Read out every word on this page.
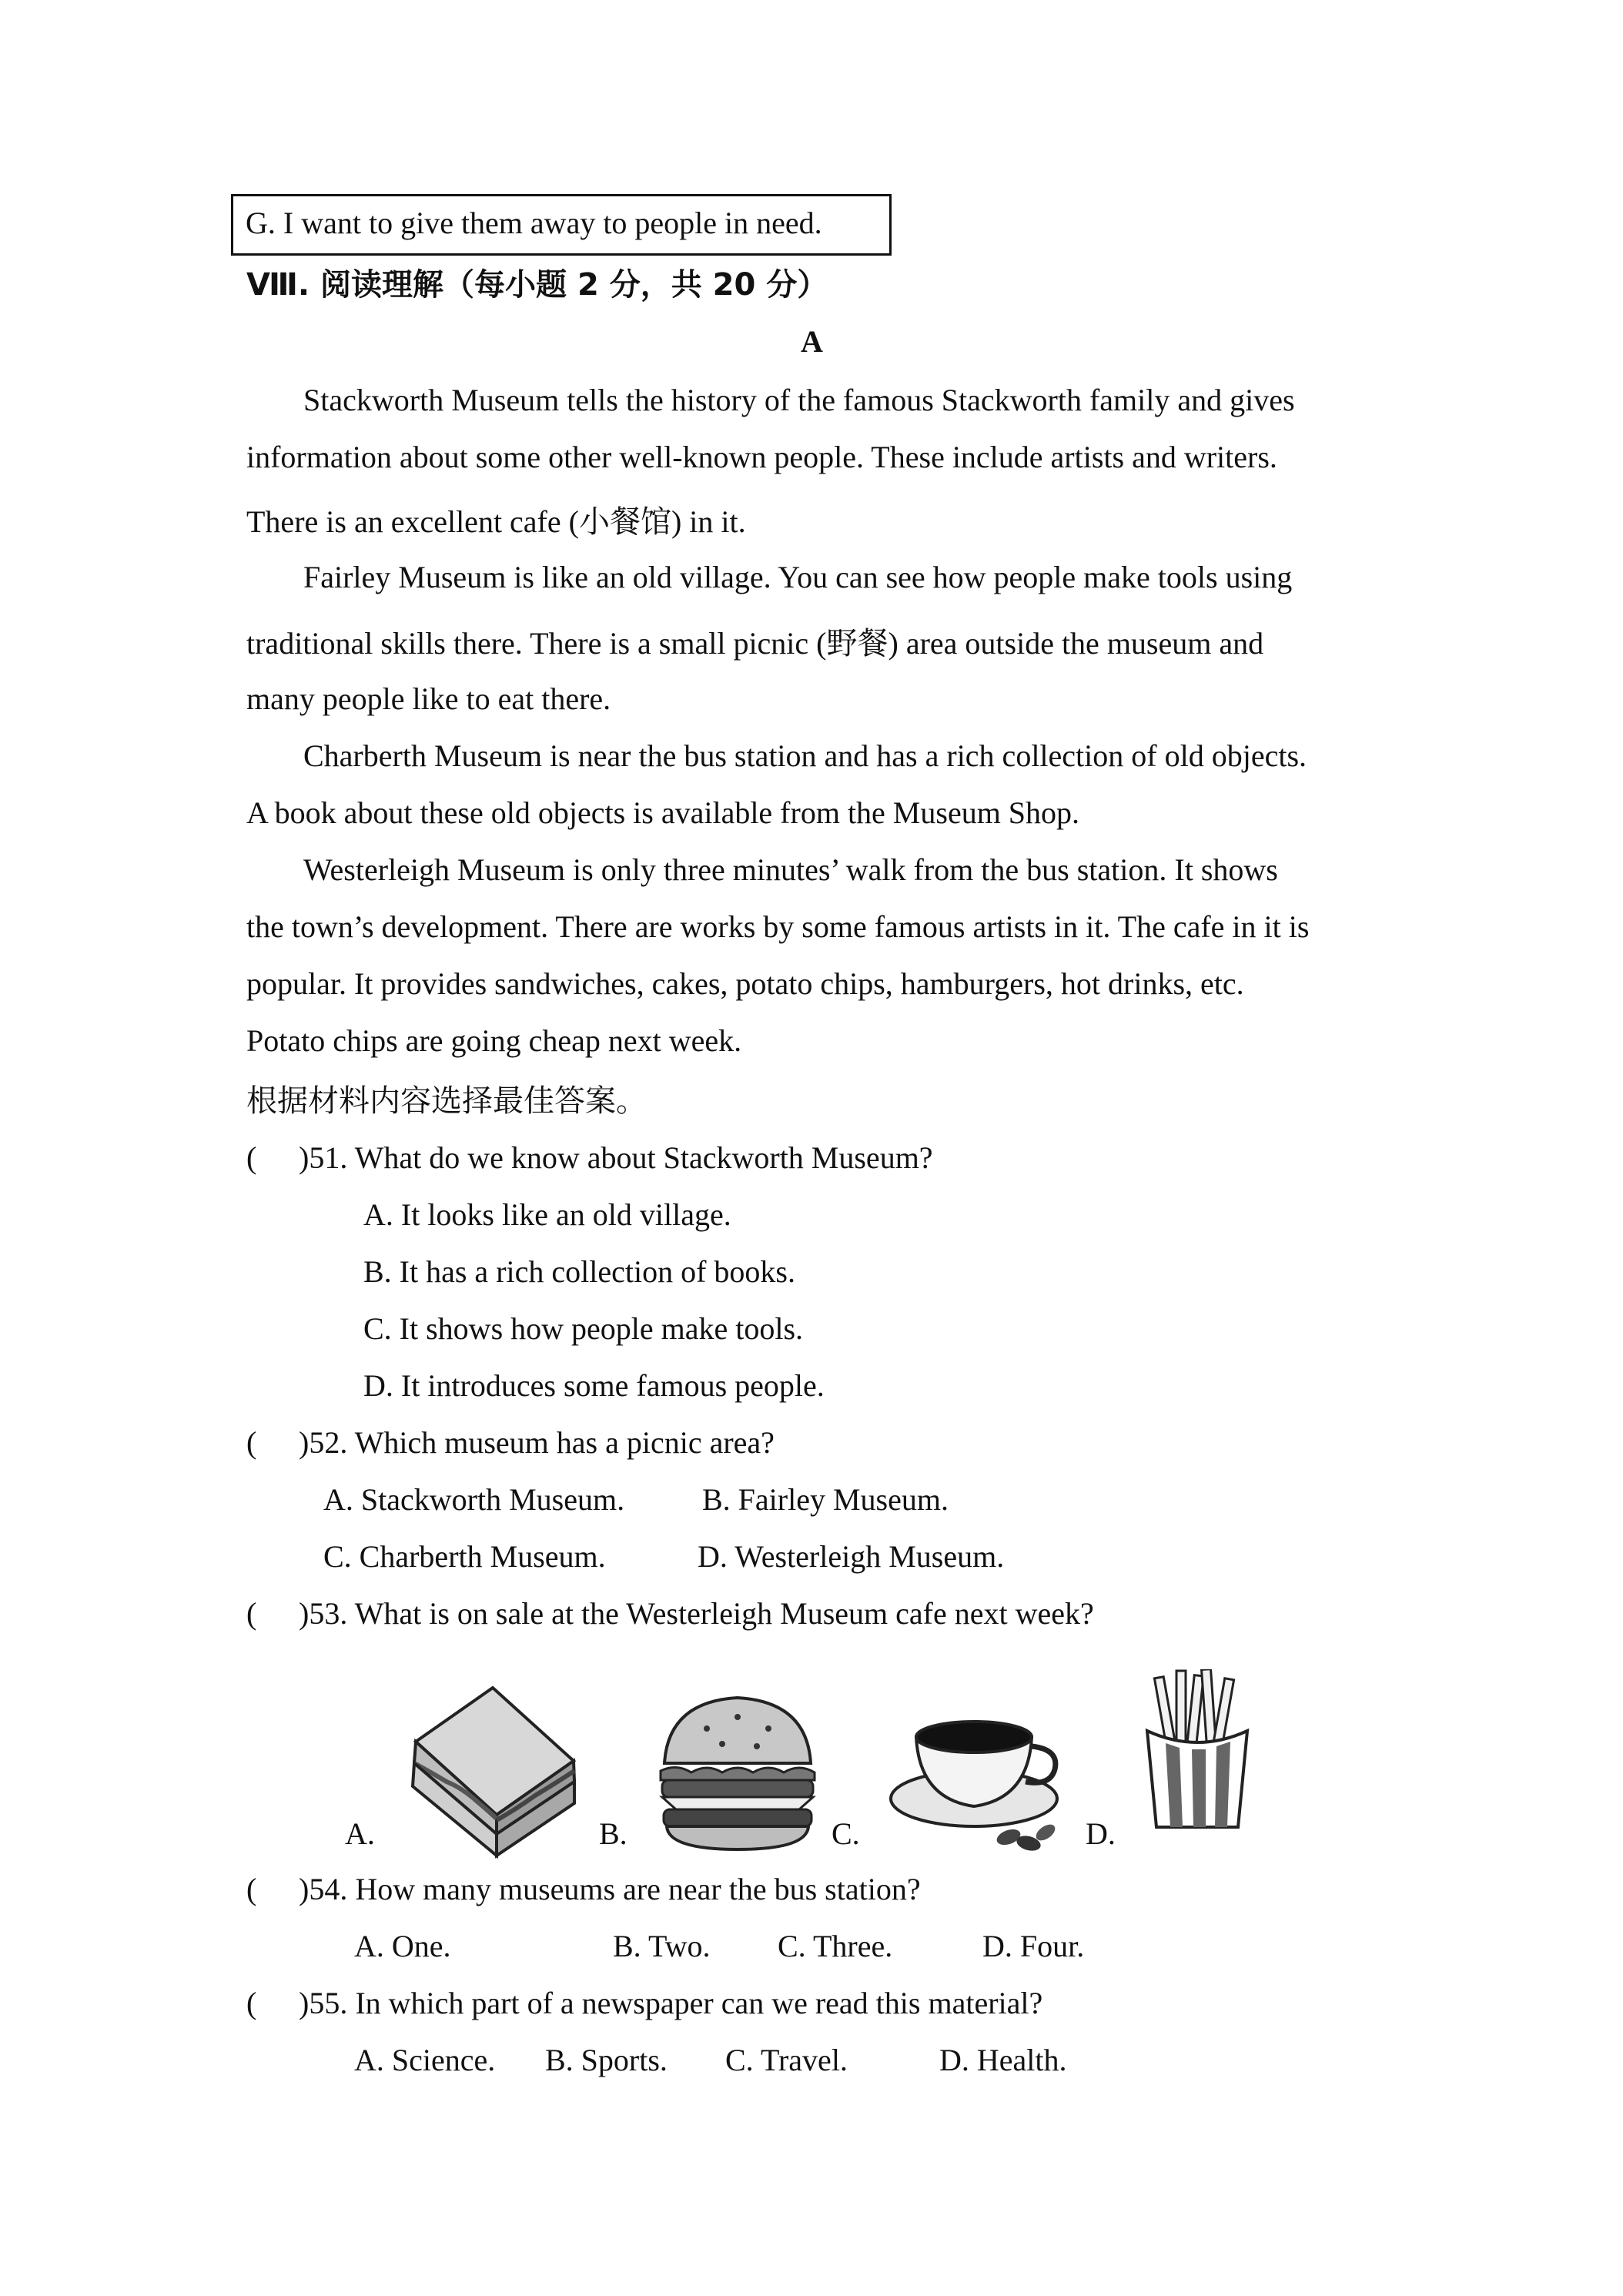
G. I want to give them away to people in need.
Ⅷ. 阅读理解（每小题 2 分，共 20 分）
A
Stackworth Museum tells the history of the famous Stackworth family and gives
information about some other well-known people. These include artists and writers.
There is an excellent cafe (小餐馆) in it.
Fairley Museum is like an old village. You can see how people make tools using
traditional skills there. There is a small picnic (野餐) area outside the museum and
many people like to eat there.
Charberth Museum is near the bus station and has a rich collection of old objects.
A book about these old objects is available from the Museum Shop.
Westerleigh Museum is only three minutes’ walk from the bus station. It shows
the town’s development. There are works by some famous artists in it. The cafe in it is
popular. It provides sandwiches, cakes, potato chips, hamburgers, hot drinks, etc.
Potato chips are going cheap next week.
根据材料内容选择最佳答案。
( )51. What do we know about Stackworth Museum?
A. It looks like an old village.
B. It has a rich collection of books.
C. It shows how people make tools.
D. It introduces some famous people.
( )52. Which museum has a picnic area?
A. Stackworth Museum.	B. Fairley Museum.
C. Charberth Museum.	D. Westerleigh Museum.
( )53. What is on sale at the Westerleigh Museum cafe next week?
A.	B.	C.	D.
( )54. How many museums are near the bus station?
A. One.	B. Two. C. Three.	D. Four.
( )55. In which part of a newspaper can we read this material?
A. Science. B. Sports. C. Travel.	D. Health.
